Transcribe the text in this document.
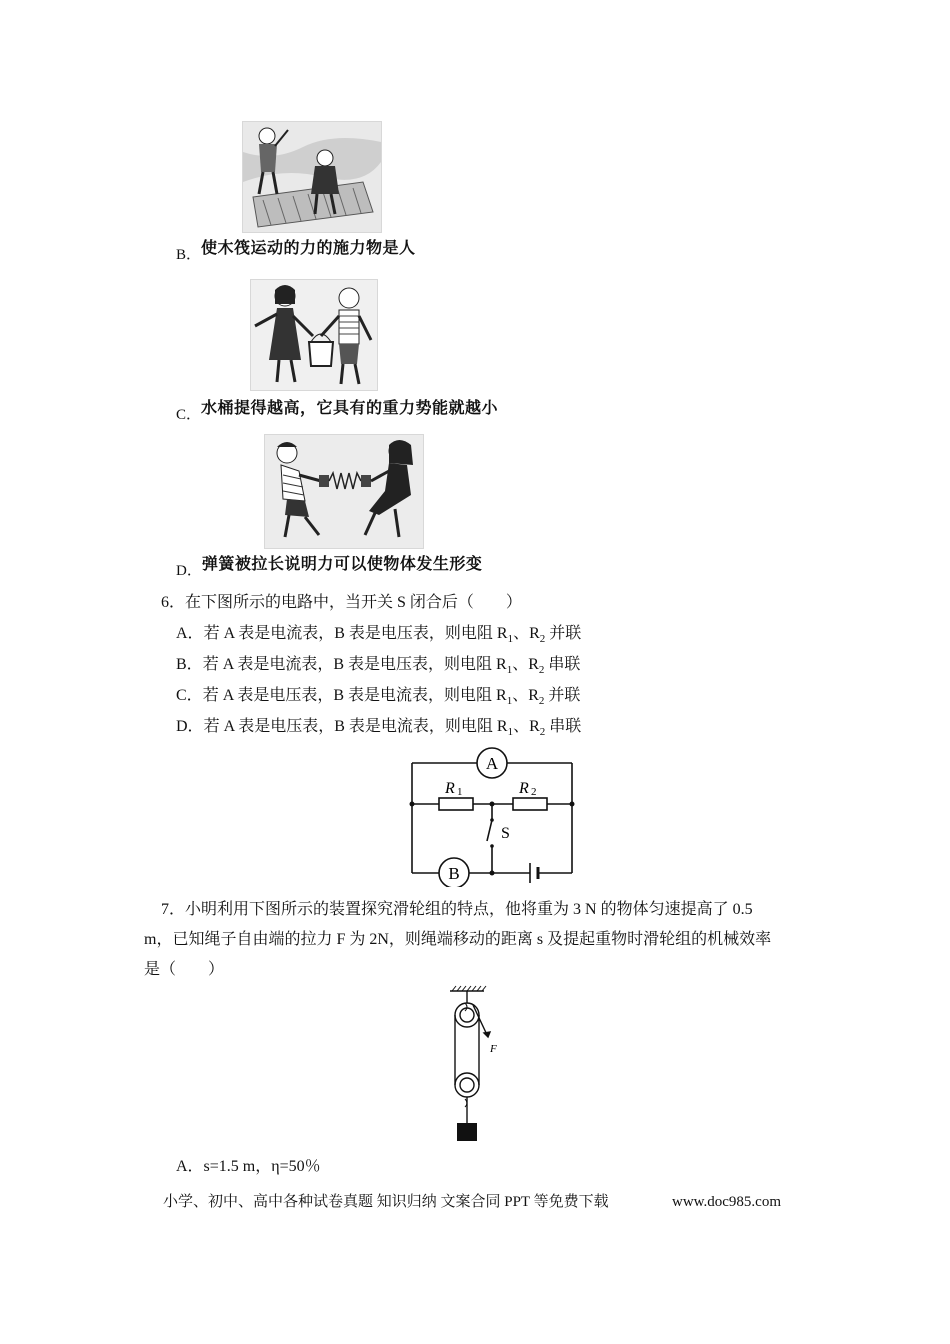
B．使木筏运动的力的施力物是人
C．水桶提得越高，它具有的重力势能就越小
D．弹簧被拉长说明力可以使物体发生形变
6．在下图所示的电路中，当开关 S 闭合后（　　）
A．若 A 表是电流表，B 表是电压表，则电阻 $R_1$、$R_2$ 并联
B．若 A 表是电流表，B 表是电压表，则电阻 $R_1$、$R_2$ 串联
C．若 A 表是电压表，B 表是电流表，则电阻 $R_1$、$R_2$ 并联
D．若 A 表是电压表，B 表是电流表，则电阻 $R_1$、$R_2$ 串联
A
B
R 1	R 2
S
7．小明利用下图所示的装置探究滑轮组的特点，他将重为 3 N 的物体匀速提高了 0.5
m，已知绳子自由端的拉力 F 为 2N，则绳端移动的距离 s 及提起重物时滑轮组的机械效率
是（　　）
F
A．s=1.5 m，η=50％
小学、初中、高中各种试卷真题 知识归纳 文案合同 PPT 等免费下载	www.doc985.com
